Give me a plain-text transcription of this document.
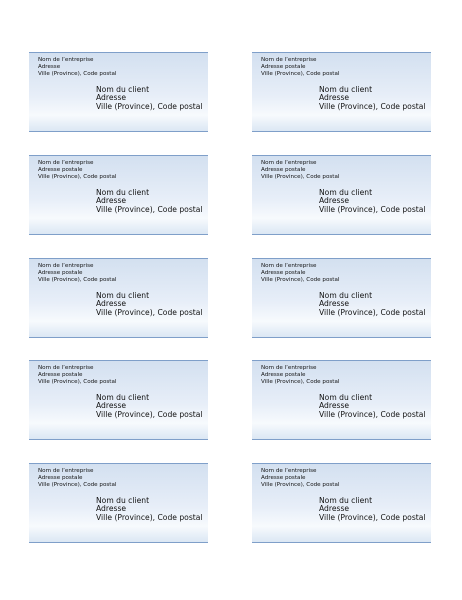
Nom de l’entreprise
Adresse
Ville (Province), Code postal
Nom du client
Adresse
Ville (Province), Code postal
Nom de l’entreprise
Adresse postale
Ville (Province), Code postal
Nom du client
Adresse
Ville (Province), Code postal
Nom de l’entreprise
Adresse postale
Ville (Province), Code postal
Nom du client
Adresse
Ville (Province), Code postal
Nom de l’entreprise
Adresse postale
Ville (Province), Code postal
Nom du client
Adresse
Ville (Province), Code postal
Nom de l’entreprise
Adresse postale
Ville (Province), Code postal
Nom du client
Adresse
Ville (Province), Code postal
Nom de l’entreprise
Adresse postale
Ville (Province), Code postal
Nom du client
Adresse
Ville (Province), Code postal
Nom de l’entreprise
Adresse postale
Ville (Province), Code postal
Nom du client
Adresse
Ville (Province), Code postal
Nom de l’entreprise
Adresse postale
Ville (Province), Code postal
Nom du client
Adresse
Ville (Province), Code postal
Nom de l’entreprise
Adresse postale
Ville (Province), Code postal
Nom du client
Adresse
Ville (Province), Code postal
Nom de l’entreprise
Adresse postale
Ville (Province), Code postal
Nom du client
Adresse
Ville (Province), Code postal
